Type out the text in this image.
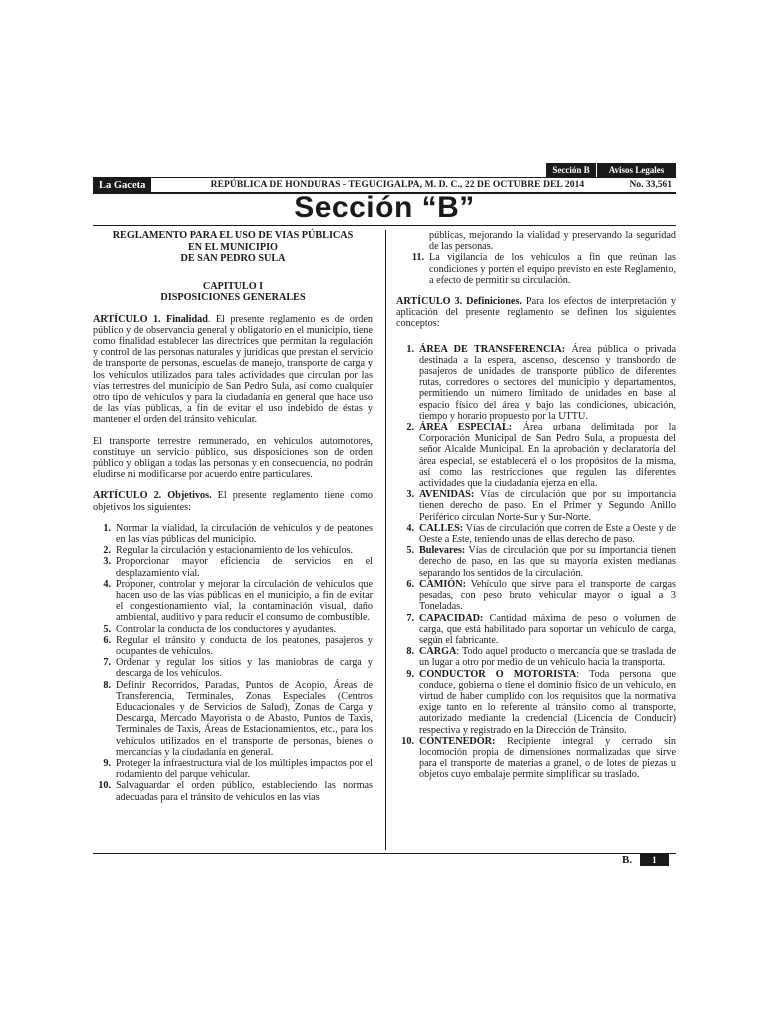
Sección B	Avisos Legales
La Gaceta	REPÚBLICA DE HONDURAS - TEGUCIGALPA, M. D. C., 22 DE OCTUBRE DEL 2014	No. 33,561
Sección “B”
REGLAMENTO PARA EL USO DE VIAS PÚBLICAS
EN EL MUNICIPIO
DE SAN PEDRO SULA
CAPITULO I
DISPOSICIONES GENERALES

ARTÍCULO 1. Finalidad. El presente reglamento es de orden público y de observancia general y obligatorio en el municipio, tiene como finalidad establecer las directrices que permitan la regulación y control de las personas naturales y jurídicas que prestan el servicio de transporte de personas, escuelas de manejo, transporte de carga y los vehículos utilizados para tales actividades que circulan por las vías terrestres del municipio de San Pedro Sula, así como cualquier otro tipo de vehículos y para la ciudadanía en general que hace uso de las vías públicas, a fin de evitar el uso indebido de éstas y mantener el orden del tránsito vehicular.

El transporte terrestre remunerado, en vehículos automotores, constituye un servicio público, sus disposiciones son de orden público y obligan a todas las personas y en consecuencia, no podrán eludirse ni modificarse por acuerdo entre particulares.

ARTÍCULO 2. Objetivos. El presente reglamento tiene como objetivos los siguientes:

1. Normar la vialidad, la circulación de vehículos y de peatones en las vías públicas del municipio.
2. Regular la circulación y estacionamiento de los vehículos.
3. Proporcionar mayor eficiencia de servicios en el desplazamiento vial.
4. Proponer, controlar y mejorar la circulación de vehículos que hacen uso de las vías públicas en el municipio, a fin de evitar el congestionamiento vial, la contaminación visual, daño ambiental, auditivo y para reducir el consumo de combustible.
5. Controlar la conducta de los conductores y ayudantes.
6. Regular el tránsito y conducta de los peatones, pasajeros y ocupantes de vehículos.
7. Ordenar y regular los sitios y las maniobras de carga y descarga de los vehículos.
8. Definir Recorridos, Paradas, Puntos de Acopio, Áreas de Transferencia, Terminales, Zonas Especiales (Centros Educacionales y de Servicios de Salud), Zonas de Carga y Descarga, Mercado Mayorista o de Abasto, Puntos de Taxis, Terminales de Taxis, Áreas de Estacionamientos, etc., para los vehículos utilizados en el transporte de personas, bienes o mercancías y la ciudadanía en general.
9. Proteger la infraestructura vial de los múltiples impactos por el rodamiento del parque vehicular.
10. Salvaguardar el orden público, estableciendo las normas adecuadas para el tránsito de vehículos en las vías
públicas, mejorando la vialidad y preservando la seguridad de las personas.
11. La vigilancia de los vehículos a fin que reúnan las condiciones y porten el equipo previsto en este Reglamento, a efecto de permitir su circulación.

ARTÍCULO 3. Definiciones. Para los efectos de interpretación y aplicación del presente reglamento se definen los siguientes conceptos:

1. ÁREA DE TRANSFERENCIA: Área pública o privada destinada a la espera, ascenso, descenso y transbordo de pasajeros de unidades de transporte público de diferentes rutas, corredores o sectores del municipio y departamentos, permitiendo un número limitado de unidades en base al espacio físico del área y bajo las condiciones, ubicación, tiempo y horario propuesto por la UTTU.
2. ÁREA ESPECIAL: Área urbana delimitada por la Corporación Municipal de San Pedro Sula, a propuesta del señor Alcalde Municipal. En la aprobación y declaratoria del área especial, se establecerá el o los propósitos de la misma, así como las restricciones que regulen las diferentes actividades que la ciudadanía ejerza en ella.
3. AVENIDAS: Vías de circulación que por su importancia tienen derecho de paso. En el Primer y Segundo Anillo Periférico circulan Norte-Sur y Sur-Norte.
4. CALLES: Vías de circulación que corren de Este a Oeste y de Oeste a Este, teniendo unas de ellas derecho de paso.
5. Bulevares: Vías de circulación que por su importancia tienen derecho de paso, en las que su mayoría existen medianas separando los sentidos de la circulación.
6. CAMIÓN: Vehículo que sirve para el transporte de cargas pesadas, con peso bruto vehicular mayor o igual a 3 Toneladas.
7. CAPACIDAD: Cantidad máxima de peso o volumen de carga, que está habilitado para soportar un vehículo de carga, según el fabricante.
8. CARGA: Todo aquel producto o mercancía que se traslada de un lugar a otro por medio de un vehículo hacia la transporta.
9. CONDUCTOR O MOTORISTA: Toda persona que conduce, gobierna o tiene el dominio físico de un vehículo, en virtud de haber cumplido con los requisitos que la normativa exige tanto en lo referente al tránsito como al transporte, autorizado mediante la credencial (Licencia de Conducir) respectiva y registrado en la Dirección de Tránsito.
10. CONTENEDOR: Recipiente integral y cerrado sin locomoción propia de dimensiones normalizadas que sirve para el transporte de materias a granel, o de lotes de piezas u objetos cuyo embalaje permite simplificar su traslado.
B.	1
